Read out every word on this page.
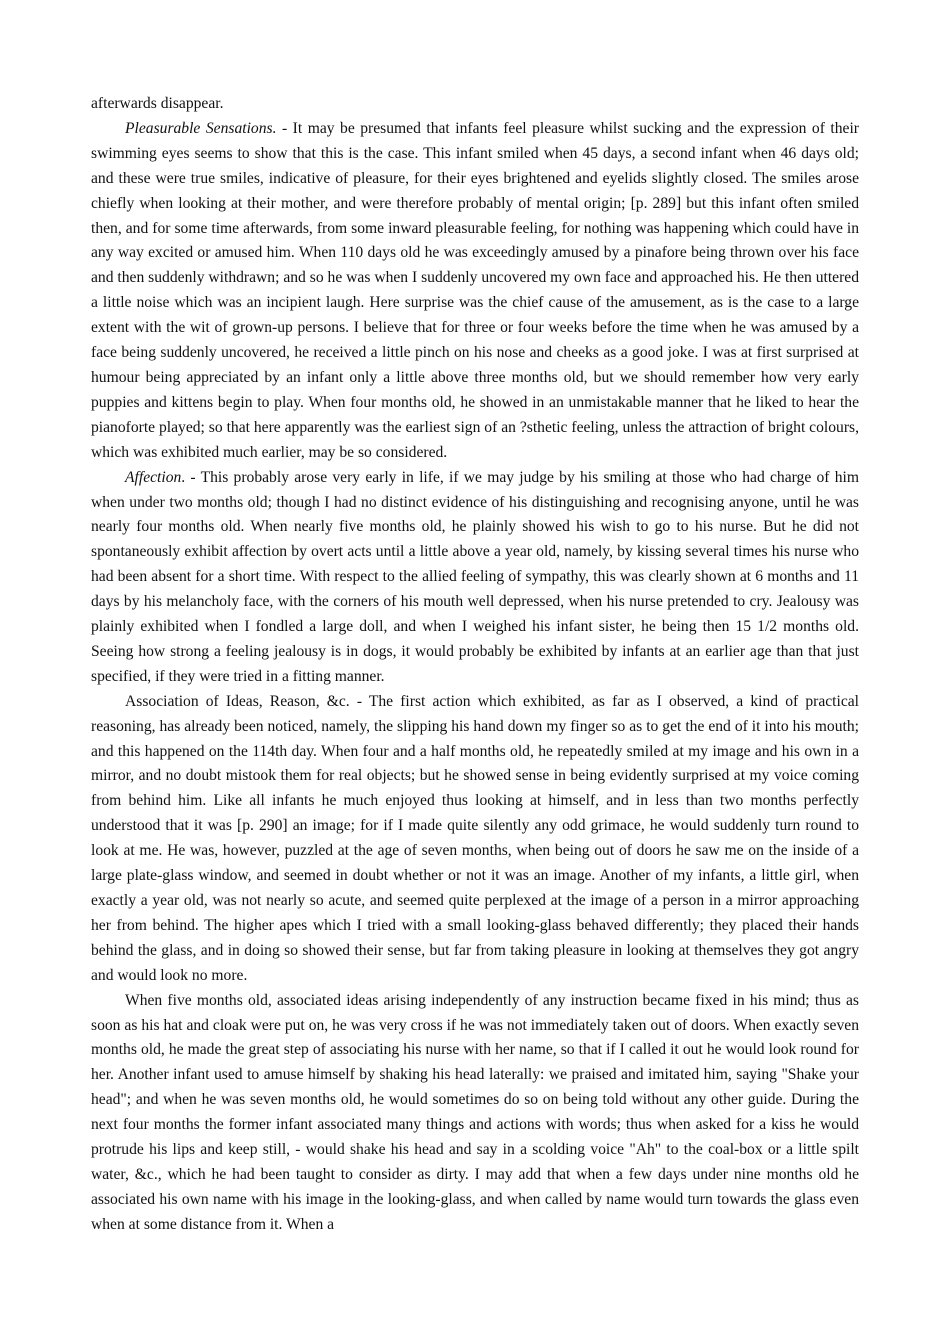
afterwards disappear.

Pleasurable Sensations. - It may be presumed that infants feel pleasure whilst sucking and the expression of their swimming eyes seems to show that this is the case. This infant smiled when 45 days, a second infant when 46 days old; and these were true smiles, indicative of pleasure, for their eyes brightened and eyelids slightly closed. The smiles arose chiefly when looking at their mother, and were therefore probably of mental origin; [p. 289] but this infant often smiled then, and for some time afterwards, from some inward pleasurable feeling, for nothing was happening which could have in any way excited or amused him. When 110 days old he was exceedingly amused by a pinafore being thrown over his face and then suddenly withdrawn; and so he was when I suddenly uncovered my own face and approached his. He then uttered a little noise which was an incipient laugh. Here surprise was the chief cause of the amusement, as is the case to a large extent with the wit of grown-up persons. I believe that for three or four weeks before the time when he was amused by a face being suddenly uncovered, he received a little pinch on his nose and cheeks as a good joke. I was at first surprised at humour being appreciated by an infant only a little above three months old, but we should remember how very early puppies and kittens begin to play. When four months old, he showed in an unmistakable manner that he liked to hear the pianoforte played; so that here apparently was the earliest sign of an ?sthetic feeling, unless the attraction of bright colours, which was exhibited much earlier, may be so considered.

Affection. - This probably arose very early in life, if we may judge by his smiling at those who had charge of him when under two months old; though I had no distinct evidence of his distinguishing and recognising anyone, until he was nearly four months old. When nearly five months old, he plainly showed his wish to go to his nurse. But he did not spontaneously exhibit affection by overt acts until a little above a year old, namely, by kissing several times his nurse who had been absent for a short time. With respect to the allied feeling of sympathy, this was clearly shown at 6 months and 11 days by his melancholy face, with the corners of his mouth well depressed, when his nurse pretended to cry. Jealousy was plainly exhibited when I fondled a large doll, and when I weighed his infant sister, he being then 15 1/2 months old. Seeing how strong a feeling jealousy is in dogs, it would probably be exhibited by infants at an earlier age than that just specified, if they were tried in a fitting manner.

Association of Ideas, Reason, &c. - The first action which exhibited, as far as I observed, a kind of practical reasoning, has already been noticed, namely, the slipping his hand down my finger so as to get the end of it into his mouth; and this happened on the 114th day. When four and a half months old, he repeatedly smiled at my image and his own in a mirror, and no doubt mistook them for real objects; but he showed sense in being evidently surprised at my voice coming from behind him. Like all infants he much enjoyed thus looking at himself, and in less than two months perfectly understood that it was [p. 290] an image; for if I made quite silently any odd grimace, he would suddenly turn round to look at me. He was, however, puzzled at the age of seven months, when being out of doors he saw me on the inside of a large plate-glass window, and seemed in doubt whether or not it was an image. Another of my infants, a little girl, when exactly a year old, was not nearly so acute, and seemed quite perplexed at the image of a person in a mirror approaching her from behind. The higher apes which I tried with a small looking-glass behaved differently; they placed their hands behind the glass, and in doing so showed their sense, but far from taking pleasure in looking at themselves they got angry and would look no more.

When five months old, associated ideas arising independently of any instruction became fixed in his mind; thus as soon as his hat and cloak were put on, he was very cross if he was not immediately taken out of doors. When exactly seven months old, he made the great step of associating his nurse with her name, so that if I called it out he would look round for her. Another infant used to amuse himself by shaking his head laterally: we praised and imitated him, saying "Shake your head"; and when he was seven months old, he would sometimes do so on being told without any other guide. During the next four months the former infant associated many things and actions with words; thus when asked for a kiss he would protrude his lips and keep still, - would shake his head and say in a scolding voice "Ah" to the coal-box or a little spilt water, &c., which he had been taught to consider as dirty. I may add that when a few days under nine months old he associated his own name with his image in the looking-glass, and when called by name would turn towards the glass even when at some distance from it. When a
